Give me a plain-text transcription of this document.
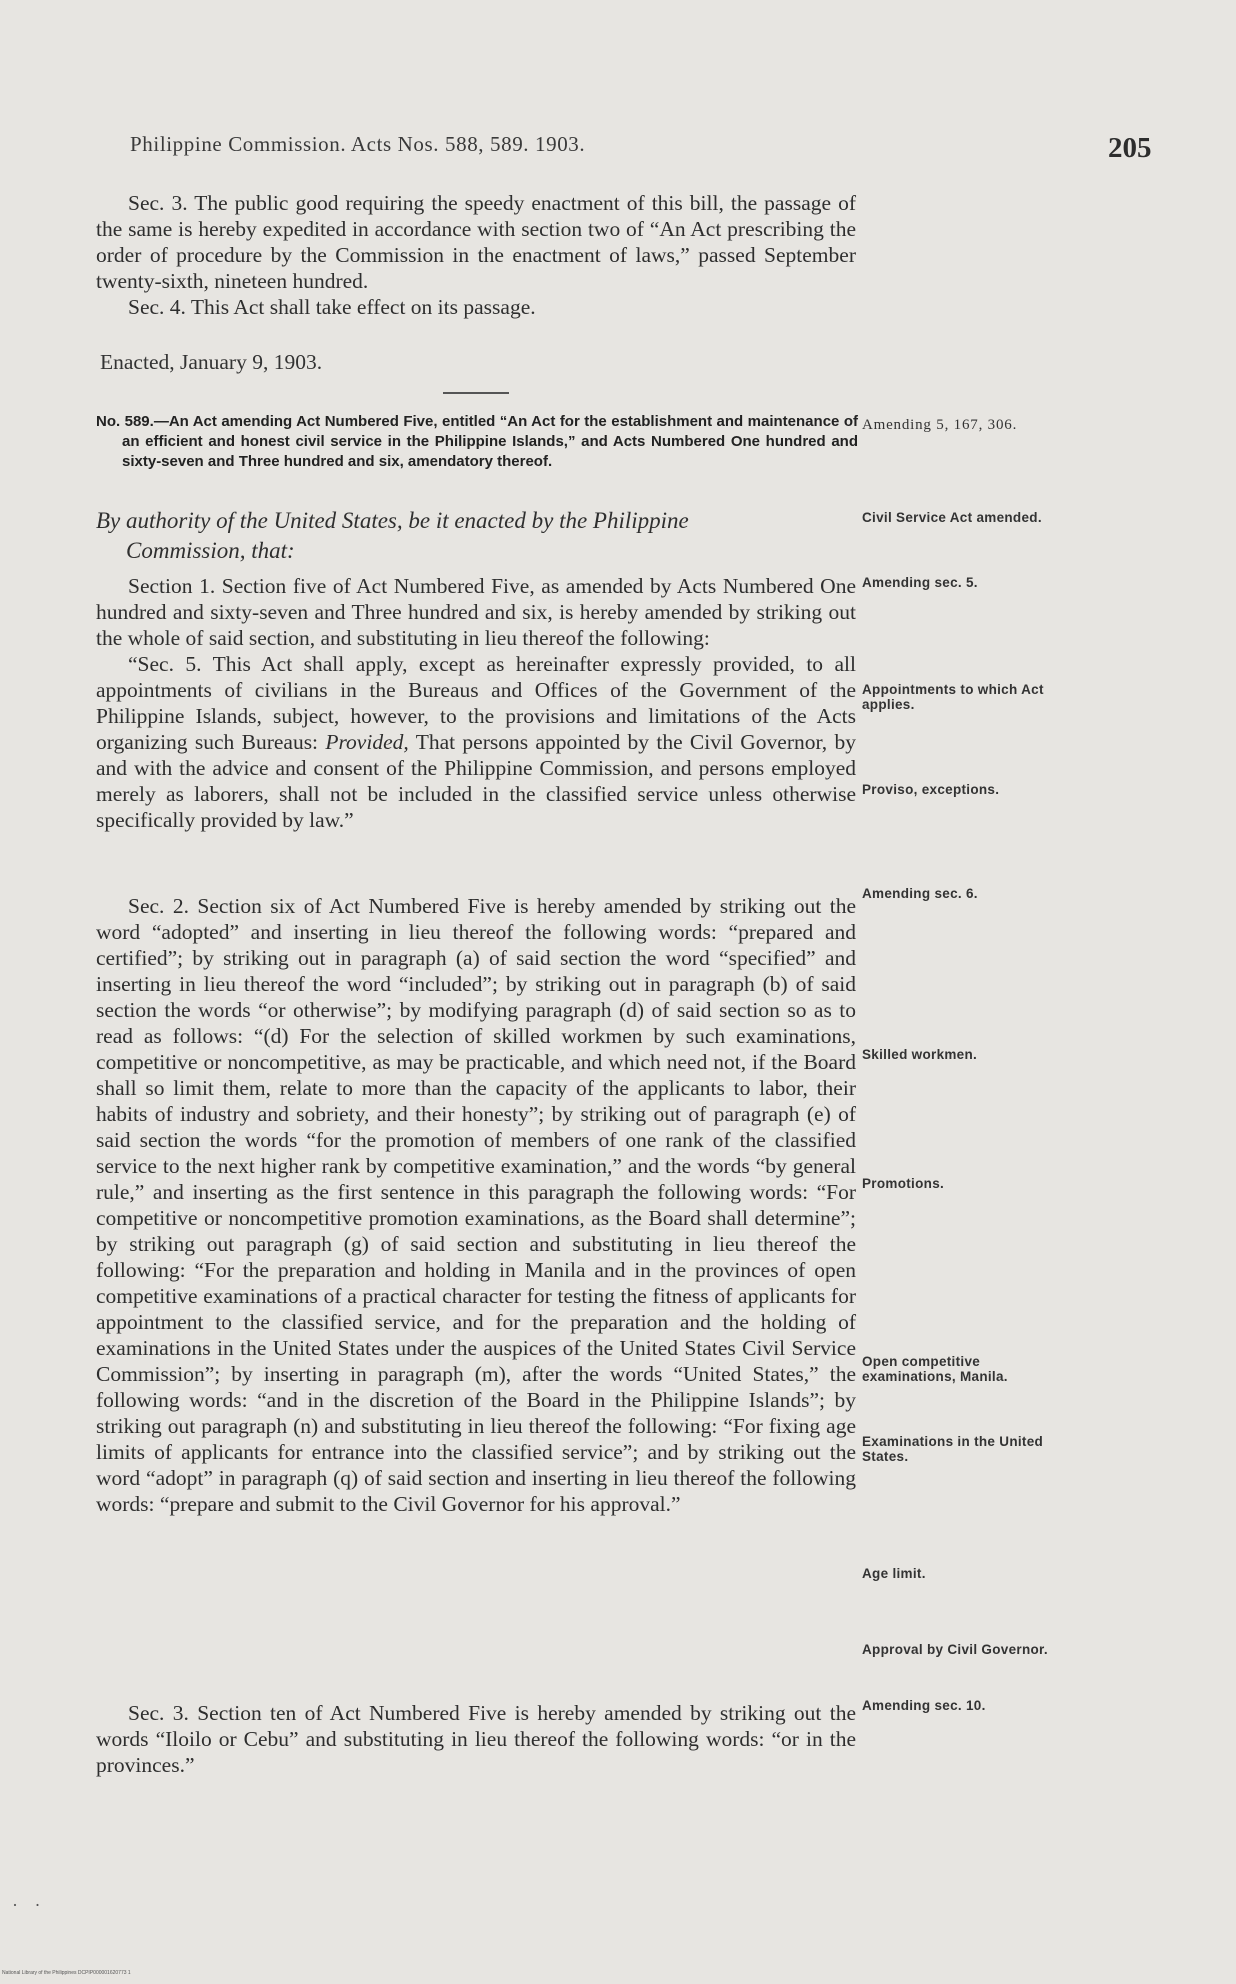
Philippine Commission. Acts Nos. 588, 589. 1903.	205

Sec. 3. The public good requiring the speedy enactment of this bill, the passage of the same is hereby expedited in accordance with section two of “An Act prescribing the order of procedure by the Commission in the enactment of laws,” passed September twenty-sixth, nineteen hundred.

Sec. 4. This Act shall take effect on its passage.

Enacted, January 9, 1903.
No. 589.—An Act amending Act Numbered Five, entitled “An Act for the establishment and maintenance of an efficient and honest civil service in the Philippine Islands,” and Acts Numbered One hundred and sixty-seven and Three hundred and six, amendatory thereof.
By authority of the United States, be it enacted by the Philippine
Commission, that:

Section 1. Section five of Act Numbered Five, as amended by Acts Numbered One hundred and sixty-seven and Three hundred and six, is hereby amended by striking out the whole of said section, and substituting in lieu thereof the following:

“Sec. 5. This Act shall apply, except as hereinafter expressly provided, to all appointments of civilians in the Bureaus and Offices of the Government of the Philippine Islands, subject, however, to the provisions and limitations of the Acts organizing such Bureaus: Provided, That persons appointed by the Civil Governor, by and with the advice and consent of the Philippine Commission, and persons employed merely as laborers, shall not be included in the classified service unless otherwise specifically provided by law.”

Sec. 2. Section six of Act Numbered Five is hereby amended by striking out the word “adopted” and inserting in lieu thereof the following words: “prepared and certified”; by striking out in paragraph (a) of said section the word “specified” and inserting in lieu thereof the word “included”; by striking out in paragraph (b) of said section the words “or otherwise”; by modifying paragraph (d) of said section so as to read as follows: “(d) For the selection of skilled workmen by such examinations, competitive or noncompetitive, as may be practicable, and which need not, if the Board shall so limit them, relate to more than the capacity of the applicants to labor, their habits of industry and sobriety, and their honesty”; by striking out of paragraph (e) of said section the words “for the promotion of members of one rank of the classified service to the next higher rank by competitive examination,” and the words “by general rule,” and inserting as the first sentence in this paragraph the following words: “For competitive or noncompetitive promotion examinations, as the Board shall determine”; by striking out paragraph (g) of said section and substituting in lieu thereof the following: “For the preparation and holding in Manila and in the provinces of open competitive examinations of a practical character for testing the fitness of applicants for appointment to the classified service, and for the preparation and the holding of examinations in the United States under the auspices of the United States Civil Service Commission”; by inserting in paragraph (m), after the words “United States,” the following words: “and in the discretion of the Board in the Philippine Islands”; by striking out paragraph (n) and substituting in lieu thereof the following: “For fixing age limits of applicants for entrance into the classified service”; and by striking out the word “adopt” in paragraph (q) of said section and inserting in lieu thereof the following words: “prepare and submit to the Civil Governor for his approval.”

Sec. 3. Section ten of Act Numbered Five is hereby amended by striking out the words “Iloilo or Cebu” and substituting in lieu thereof the following words: “or in the provinces.”

Amending 5, 167, 306.
Civil Service Act amended.
Amending sec. 5.
Appointments to which Act applies.
Proviso, exceptions.
Amending sec. 6.
Skilled workmen.
Promotions.
Open competitive examinations, Manila.
Examinations in the United States.
Age limit.
Approval by Civil Governor.
Amending sec. 10.
· ·
National Library of the Philippines DCPIP000001620773 1
